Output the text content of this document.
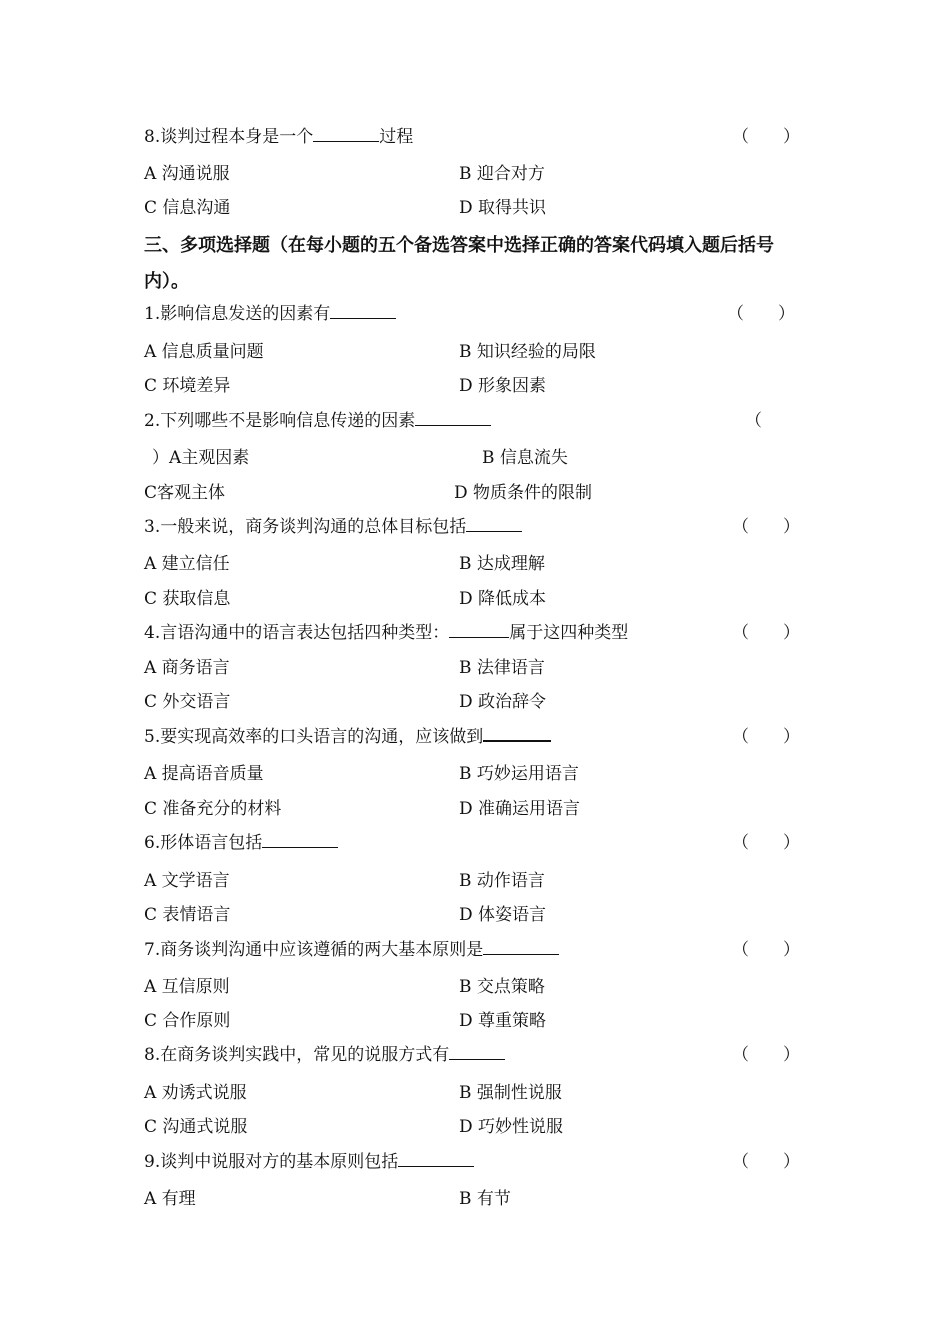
8.谈判过程本身是一个	过程	（　　）
A 沟通说服	B 迎合对方
C 信息沟通	D 取得共识
三、多项选择题（在每小题的五个备选答案中选择正确的答案代码填入题后括号内）。
1.影响信息发送的因素有	（　　）
A 信息质量问题	B 知识经验的局限
C 环境差异	D 形象因素
2.下列哪些不是影响信息传递的因素	（
）A主观因素	B 信息流失
C客观主体	D 物质条件的限制
3.一般来说，商务谈判沟通的总体目标包括	（　　）
A 建立信任	B 达成理解
C 获取信息	D 降低成本
4.言语沟通中的语言表达包括四种类型：	属于这四种类型	（　　）
A 商务语言	B 法律语言
C 外交语言	D 政治辞令
5.要实现高效率的口头语言的沟通，应该做到	（　　）
A 提高语音质量	B 巧妙运用语言
C 准备充分的材料	D 准确运用语言
6.形体语言包括	（　　）
A 文学语言	B 动作语言
C 表情语言	D 体姿语言
7.商务谈判沟通中应该遵循的两大基本原则是	（　　）
A 互信原则	B 交点策略
C 合作原则	D 尊重策略
8.在商务谈判实践中，常见的说服方式有	（　　）
A 劝诱式说服	B 强制性说服
C 沟通式说服	D 巧妙性说服
9.谈判中说服对方的基本原则包括	（　　）
A 有理	B 有节
